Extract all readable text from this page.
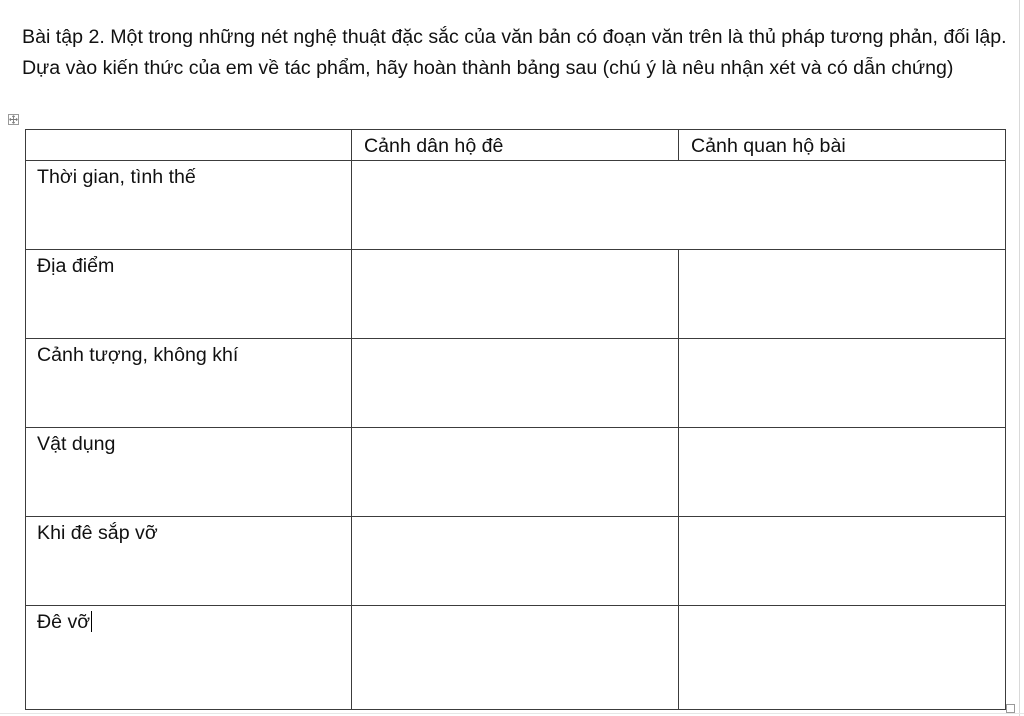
Bài tập 2. Một trong những nét nghệ thuật đặc sắc của văn bản có đoạn văn trên là thủ pháp tương phản, đối lập. Dựa vào kiến thức của em về tác phẩm, hãy hoàn thành bảng sau (chú ý là nêu nhận xét và có dẫn chứng)

	Cảnh dân hộ đê	Cảnh quan hộ bài
Thời gian, tình thế		
Địa điểm		
Cảnh tượng, không khí		
Vật dụng		
Khi đê sắp vỡ		
Đê vỡ		
